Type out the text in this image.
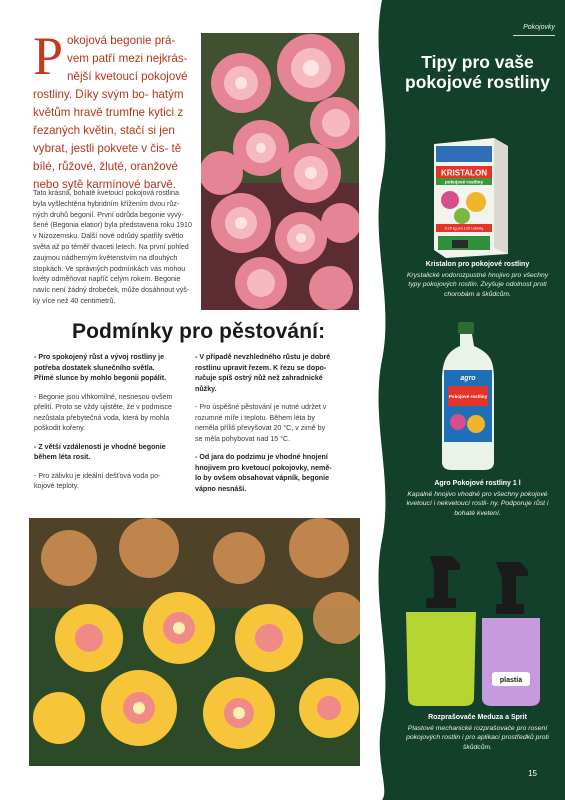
P okojová begonie prá- vem patří mezi nejkrás- nější kvetoucí pokojové rostliny. Díky svým bo- hatým květům hravě trumfne kytici z řezaných květin, stačí si jen vybrat, jestli pokvete v čis- tě bílé, růžové, žluté, oranžové nebo sytě karmínové barvě.

Tato krásná, bohatě kvetoucí pokojová rostlina byla vyšlechtěna hybridním křížením dvou růz- ných druhů begonií. První odrůda begonie vyvý- šené (Begonia elatior) byla představena roku 1910 v Nizozemsku. Další nové odrůdy spatřily světlo světa až po téměř dvaceti letech. Na první pohled zaujmou nádherným květenstvím na dlouhých stopkách. Ve správných podmínkách vás mohou kvéty odměňovat napříč celým rokem. Begonie navíc není žádný drobeček, může dosáhnout výš- ky více než 40 centimetrů.

Podmínky pro pěstování:

- Pro spokojený růst a vývoj rostliny je potřeba dostatek slunečního světla. Přímé slunce by mohlo begonii popálit.

- Begonie jsou vlhkomilné, nesnesou ovšem přelití. Proto se vždy ujistěte, že v podmisce nezůstala přebytečná voda, která by mohla poškodit kořeny.

- Z větší vzdálenosti je vhodné begonie během léta rosit.

- Pro zálivku je ideální dešťová voda po- kojové teploty.

- V případě nevzhledného růstu je dobré rostlinu upravit řezem. K řezu se dopo- ručuje spíš ostrý nůž než zahradnické nůžky.

- Pro úspěšné pěstování je nutné udržet v rozumné míře i teplotu. Během léta by neměla příliš převyšovat 20 °C, v zimě by se měla pohybovat nad 15 °C.

- Od jara do podzimu je vhodné hnojení hnojivem pro kvetoucí pokojovky, nemě- lo by ovšem obsahovat vápník, begonie vápno nesnáší.

Pokojovky
Tipy pro vaše pokojové rostliny
KRISTALON
pokojové rostliny
0,25 kg pro 125 l zálivky
Kristalon pro pokojové rostliny

Krystalické vodorozpustné hnojivo pro všechny typy pokojových rostlin. Zvyšuje odolnost proti chorobám a škůdcům.

agro
Pokojové rostliny
Agro Pokojové rostliny 1 l

Kapalné hnojivo vhodné pro všechny pokojové kvetoucí i nekvetoucí rostli- ny. Podporuje růst i bohaté kvetení.

plastia
Rozprašovače Meduza a Sprit

Plastové mechanické rozprašovače pro rosení pokojových rostlin i pro aplikaci prostředků proti škůdcům.

15
